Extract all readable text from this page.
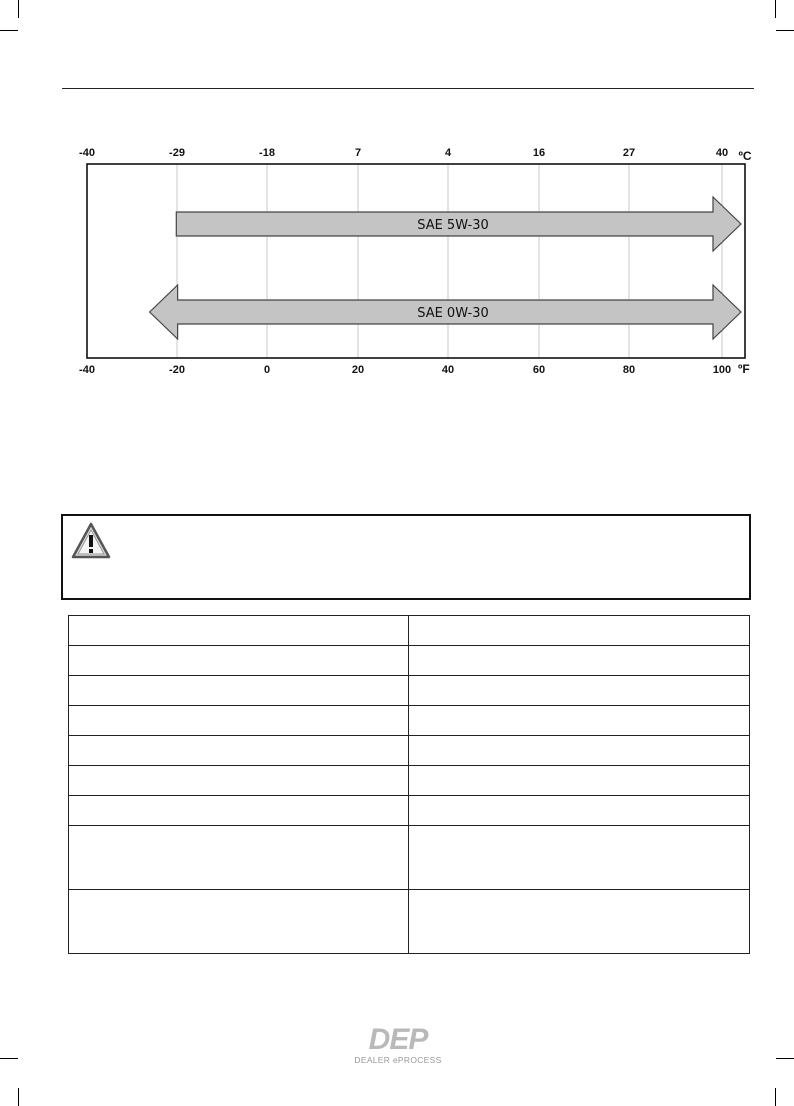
-40	-29	-18	7	4	16	27	40 ºC
-40	-20	0	20	40	60	80	100 ºF
SAE 5W-30
SAE 0W-30

DEP
DEALER ePROCESS
